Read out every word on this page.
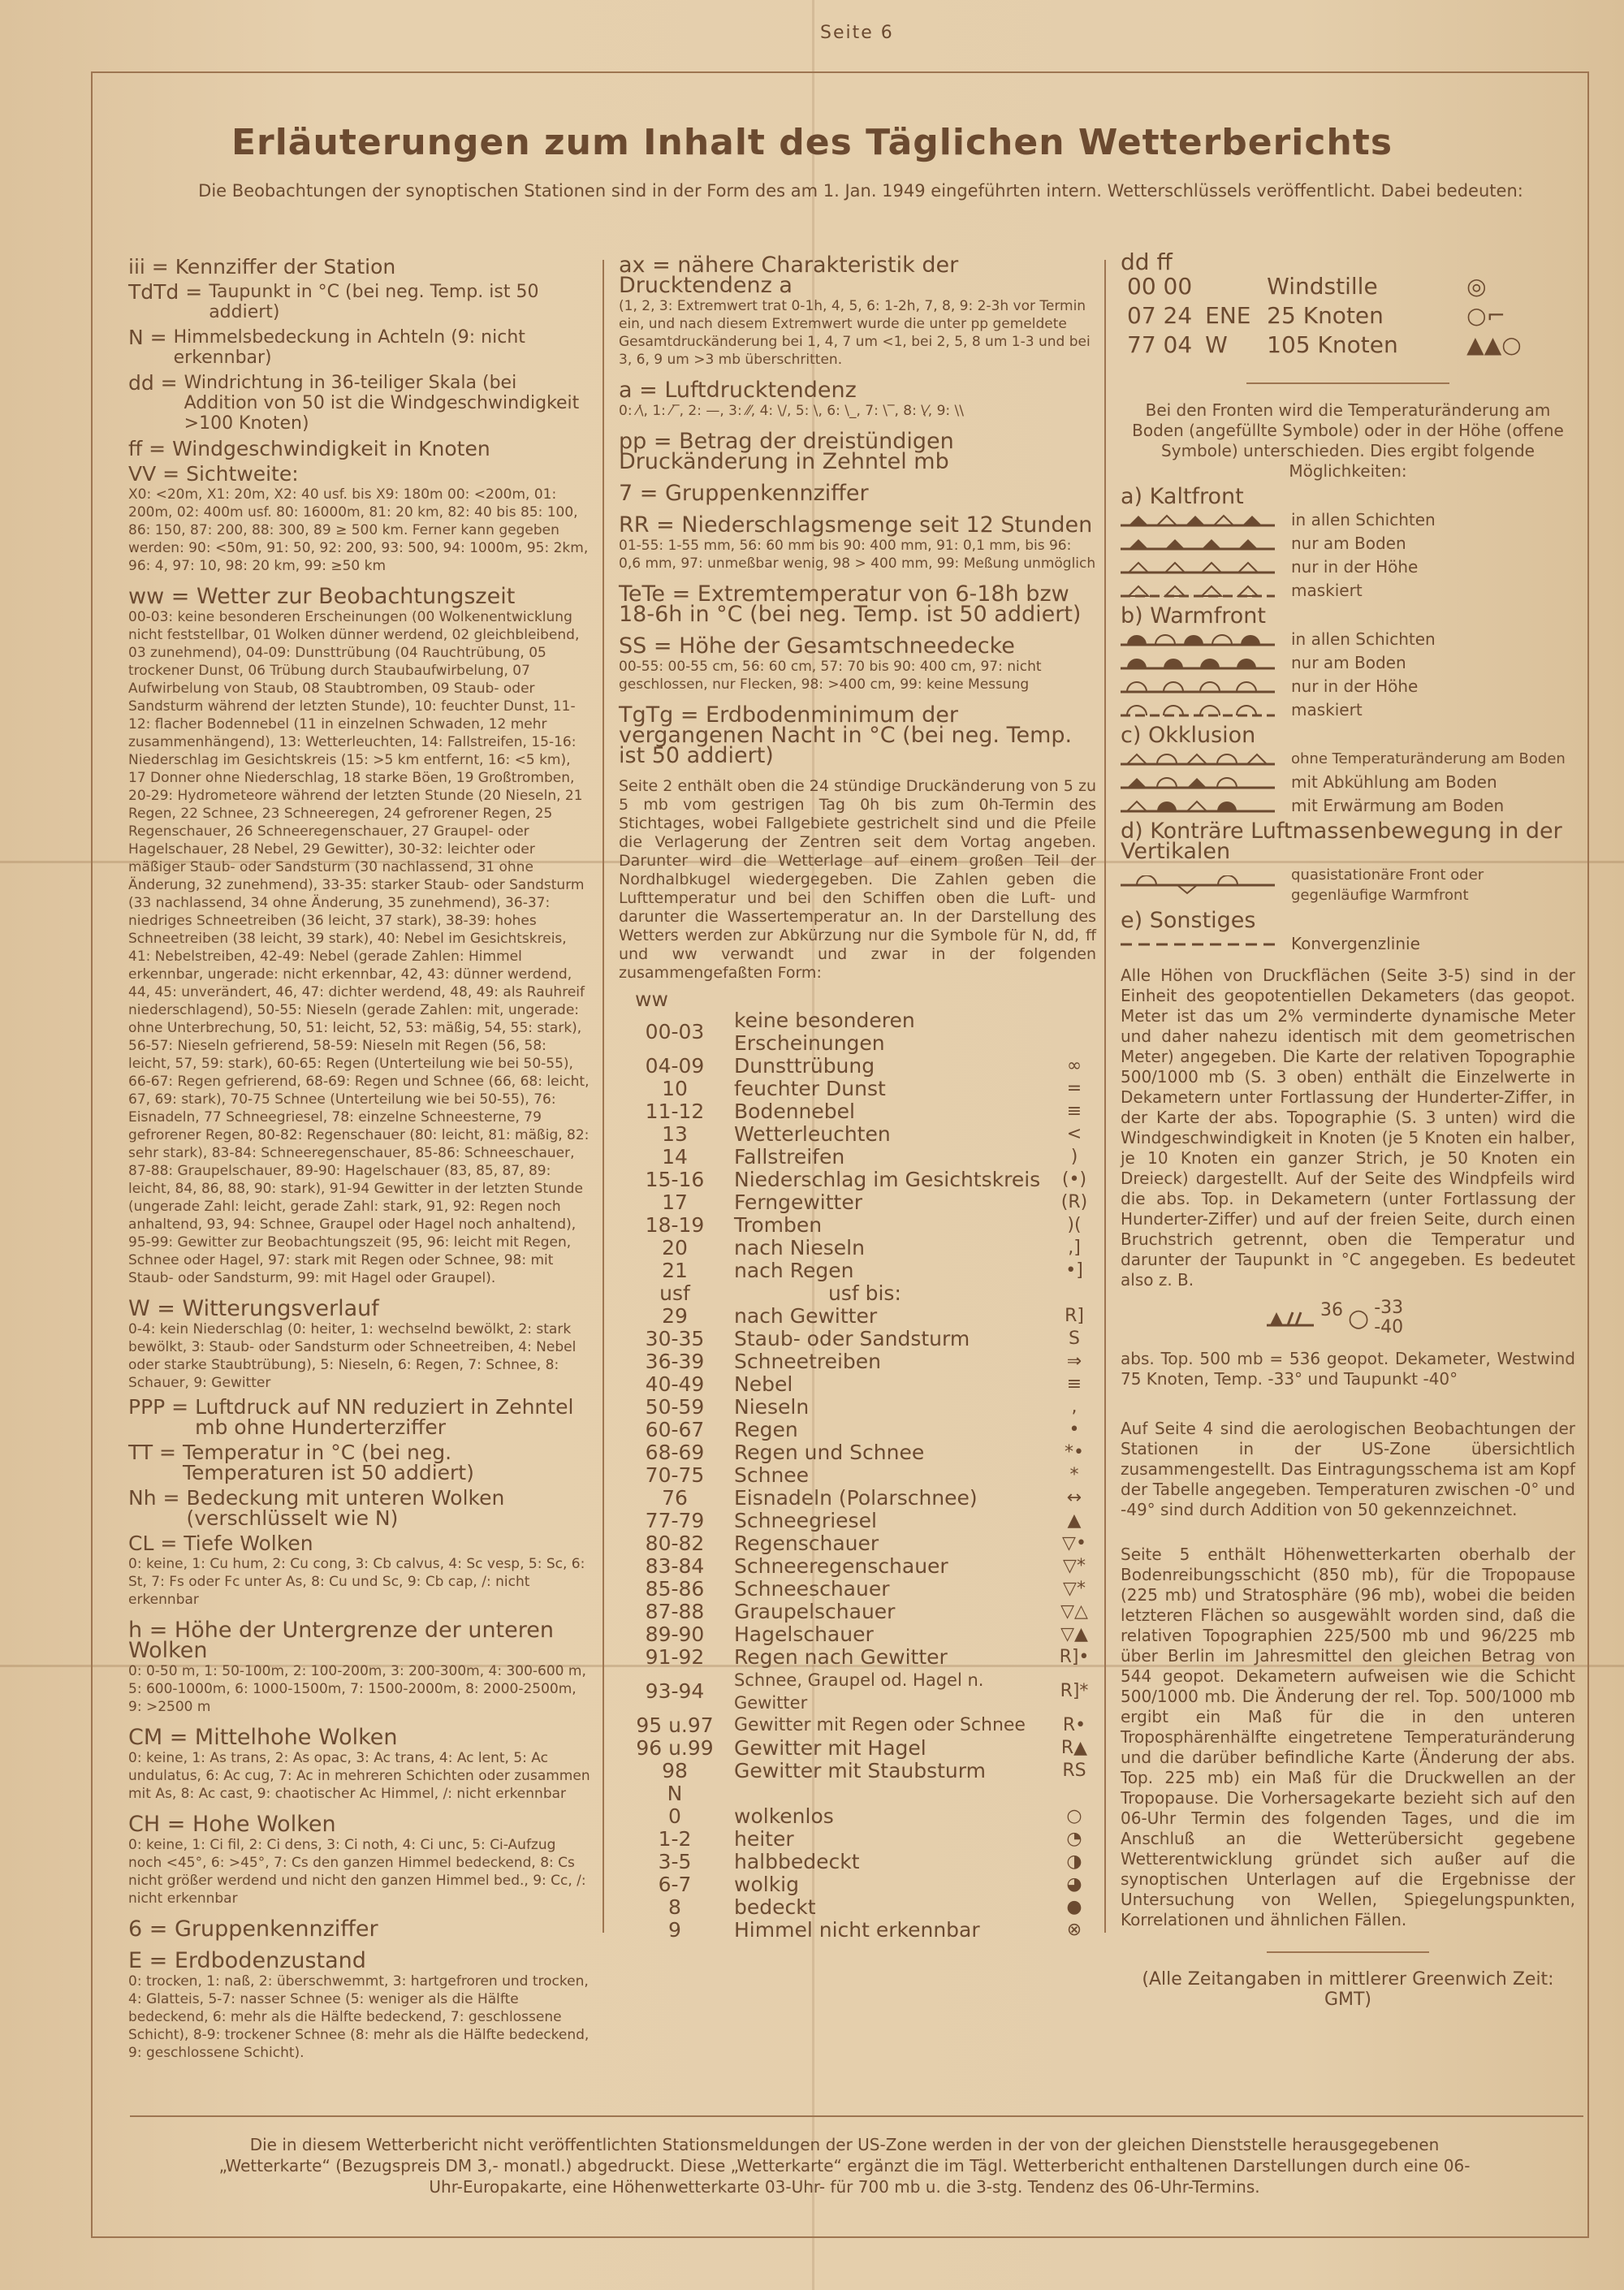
Seite 6
Erläuterungen zum Inhalt des Täglichen Wetterberichts
Die Beobachtungen der synoptischen Stationen sind in der Form des am 1. Jan. 1949 eingeführten intern. Wetterschlüssels veröffentlicht. Dabei bedeuten:
iii = Kennziffer der Station
TdTd = Taupunkt in °C (bei neg. Temp. ist 50 addiert)
N = Himmelsbedeckung in Achteln (9: nicht erkennbar)
dd = Windrichtung in 36-teiliger Skala (bei Addition von 50 ist die Windgeschwindigkeit >100 Knoten)
ff = Windgeschwindigkeit in Knoten
VV = Sichtweite:
X0: <20m, X1: 20m, X2: 40 usf. bis X9: 180m 00: <200m, 01: 200m, 02: 400m usf. 80: 16000m, 81: 20 km, 82: 40 bis 85: 100, 86: 150, 87: 200, 88: 300, 89 ≥ 500 km. Ferner kann gegeben werden: 90: <50m, 91: 50, 92: 200, 93: 500, 94: 1000m, 95: 2km, 96: 4, 97: 10, 98: 20 km, 99: ≥50 km
ww = Wetter zur Beobachtungszeit
00-03: keine besonderen Erscheinungen (00 Wolkenentwicklung nicht feststellbar, 01 Wolken dünner werdend, 02 gleichbleibend, 03 zunehmend), 04-09: Dunsttrübung (04 Rauchtrübung, 05 trockener Dunst, 06 Trübung durch Staubaufwirbelung, 07 Aufwirbelung von Staub, 08 Staubtromben, 09 Staub- oder Sandsturm während der letzten Stunde), 10: feuchter Dunst, 11-12: flacher Bodennebel (11 in einzelnen Schwaden, 12 mehr zusammenhängend), 13: Wetterleuchten, 14: Fallstreifen, 15-16: Niederschlag im Gesichtskreis (15: >5 km entfernt, 16: <5 km), 17 Donner ohne Niederschlag, 18 starke Böen, 19 Großtromben, 20-29: Hydrometeore während der letzten Stunde (20 Nieseln, 21 Regen, 22 Schnee, 23 Schneeregen, 24 gefrorener Regen, 25 Regenschauer, 26 Schneeregenschauer, 27 Graupel- oder Hagelschauer, 28 Nebel, 29 Gewitter), 30-32: leichter oder mäßiger Staub- oder Sandsturm (30 nachlassend, 31 ohne Änderung, 32 zunehmend), 33-35: starker Staub- oder Sandsturm (33 nachlassend, 34 ohne Änderung, 35 zunehmend), 36-37: niedriges Schneetreiben (36 leicht, 37 stark), 38-39: hohes Schneetreiben (38 leicht, 39 stark), 40: Nebel im Gesichtskreis, 41: Nebelstreiben, 42-49: Nebel (gerade Zahlen: Himmel erkennbar, ungerade: nicht erkennbar, 42, 43: dünner werdend, 44, 45: unverändert, 46, 47: dichter werdend, 48, 49: als Rauhreif niederschlagend), 50-55: Nieseln (gerade Zahlen: mit, ungerade: ohne Unterbrechung, 50, 51: leicht, 52, 53: mäßig, 54, 55: stark), 56-57: Nieseln gefrierend, 58-59: Nieseln mit Regen (56, 58: leicht, 57, 59: stark), 60-65: Regen (Unterteilung wie bei 50-55), 66-67: Regen gefrierend, 68-69: Regen und Schnee (66, 68: leicht, 67, 69: stark), 70-75 Schnee (Unterteilung wie bei 50-55), 76: Eisnadeln, 77 Schneegriesel, 78: einzelne Schneesterne, 79 gefrorener Regen, 80-82: Regenschauer (80: leicht, 81: mäßig, 82: sehr stark), 83-84: Schneeregenschauer, 85-86: Schneeschauer, 87-88: Graupelschauer, 89-90: Hagelschauer (83, 85, 87, 89: leicht, 84, 86, 88, 90: stark), 91-94 Gewitter in der letzten Stunde (ungerade Zahl: leicht, gerade Zahl: stark, 91, 92: Regen noch anhaltend, 93, 94: Schnee, Graupel oder Hagel noch anhaltend), 95-99: Gewitter zur Beobachtungszeit (95, 96: leicht mit Regen, Schnee oder Hagel, 97: stark mit Regen oder Schnee, 98: mit Staub- oder Sandsturm, 99: mit Hagel oder Graupel).
W = Witterungsverlauf
0-4: kein Niederschlag (0: heiter, 1: wechselnd bewölkt, 2: stark bewölkt, 3: Staub- oder Sandsturm oder Schneetreiben, 4: Nebel oder starke Staubtrübung), 5: Nieseln, 6: Regen, 7: Schnee, 8: Schauer, 9: Gewitter
PPP = Luftdruck auf NN reduziert in Zehntel mb ohne Hunderterziffer
TT = Temperatur in °C (bei neg. Temperaturen ist 50 addiert)
Nh = Bedeckung mit unteren Wolken (verschlüsselt wie N)
CL = Tiefe Wolken
0: keine, 1: Cu hum, 2: Cu cong, 3: Cb calvus, 4: Sc vesp, 5: Sc, 6: St, 7: Fs oder Fc unter As, 8: Cu und Sc, 9: Cb cap, /: nicht erkennbar
h = Höhe der Untergrenze der unteren Wolken
0: 0-50 m, 1: 50-100m, 2: 100-200m, 3: 200-300m, 4: 300-600 m, 5: 600-1000m, 6: 1000-1500m, 7: 1500-2000m, 8: 2000-2500m, 9: >2500 m
CM = Mittelhohe Wolken
0: keine, 1: As trans, 2: As opac, 3: Ac trans, 4: Ac lent, 5: Ac undulatus, 6: Ac cug, 7: Ac in mehreren Schichten oder zusammen mit As, 8: Ac cast, 9: chaotischer Ac Himmel, /: nicht erkennbar
CH = Hohe Wolken
0: keine, 1: Ci fil, 2: Ci dens, 3: Ci noth, 4: Ci unc, 5: Ci-Aufzug noch <45°, 6: >45°, 7: Cs den ganzen Himmel bedeckend, 8: Cs nicht größer werdend und nicht den ganzen Himmel bed., 9: Cc, /: nicht erkennbar
6 = Gruppenkennziffer
E = Erdbodenzustand
0: trocken, 1: naß, 2: überschwemmt, 3: hartgefroren und trocken, 4: Glatteis, 5-7: nasser Schnee (5: weniger als die Hälfte bedeckend, 6: mehr als die Hälfte bedeckend, 7: geschlossene Schicht), 8-9: trockener Schnee (8: mehr als die Hälfte bedeckend, 9: geschlossene Schicht).
ax = nähere Charakteristik der Drucktendenz a
(1, 2, 3: Extremwert trat 0-1h, 4, 5, 6: 1-2h, 7, 8, 9: 2-3h vor Termin ein, und nach diesem Extremwert wurde die unter pp gemeldete Gesamtdruckänderung bei 1, 4, 7 um <1, bei 2, 5, 8 um 1-3 und bei 3, 6, 9 um >3 mb überschritten.
a = Luftdrucktendenz
0: ⁄\, 1: ⁄‾, 2: —, 3: ⁄⁄, 4: \/, 5: \, 6: \_, 7: \‾, 8: \⁄, 9: \\
pp = Betrag der dreistündigen Druckänderung in Zehntel mb
7 = Gruppenkennziffer
RR = Niederschlagsmenge seit 12 Stunden
01-55: 1-55 mm, 56: 60 mm bis 90: 400 mm, 91: 0,1 mm, bis 96: 0,6 mm, 97: unmeßbar wenig, 98 > 400 mm, 99: Meßung unmöglich
TeTe = Extremtemperatur von 6-18h bzw 18-6h in °C (bei neg. Temp. ist 50 addiert)
SS = Höhe der Gesamtschneedecke
00-55: 00-55 cm, 56: 60 cm, 57: 70 bis 90: 400 cm, 97: nicht geschlossen, nur Flecken, 98: >400 cm, 99: keine Messung
TgTg = Erdbodenminimum der vergangenen Nacht in °C (bei neg. Temp. ist 50 addiert)
Seite 2 enthält oben die 24 stündige Druckänderung von 5 zu 5 mb vom gestrigen Tag 0h bis zum 0h-Termin des Stichtages, wobei Fallgebiete gestrichelt sind und die Pfeile die Verlagerung der Zentren seit dem Vortag angeben. Darunter wird die Wetterlage auf einem großen Teil der Nordhalbkugel wiedergegeben. Die Zahlen geben die Lufttemperatur und bei den Schiffen oben die Luft- und darunter die Wassertemperatur an. In der Darstellung des Wetters werden zur Abkürzung nur die Symbole für N, dd, ff und ww verwandt und zwar in der folgenden zusammengefaßten Form:
ww
00-03	keine besonderen Erscheinungen	
04-09	Dunsttrübung	∞
10	feuchter Dunst	=
11-12	Bodennebel	≡
13	Wetterleuchten	<
14	Fallstreifen	)
15-16	Niederschlag im Gesichtskreis	(•)
17	Ferngewitter	(R)
18-19	Tromben	)(
20	nach Nieseln	,]
21	nach Regen	•]
usf	usf bis:	
29	nach Gewitter	R]
30-35	Staub- oder Sandsturm	S
36-39	Schneetreiben	⇒
40-49	Nebel	≡
50-59	Nieseln	,
60-67	Regen	•
68-69	Regen und Schnee	*•
70-75	Schnee	*
76	Eisnadeln (Polarschnee)	↔
77-79	Schneegriesel	▲
80-82	Regenschauer	▽•
83-84	Schneeregenschauer	▽*
85-86	Schneeschauer	▽*
87-88	Graupelschauer	▽△
89-90	Hagelschauer	▽▲
91-92	Regen nach Gewitter	R]•
93-94	Schnee, Graupel od. Hagel n. Gewitter	R]*
95 u.97	Gewitter mit Regen oder Schnee	R•
96 u.99	Gewitter mit Hagel	R▲
98	Gewitter mit Staubsturm	RS
N		
0	wolkenlos	○
1-2	heiter	◔
3-5	halbbedeckt	◑
6-7	wolkig	◕
8	bedeckt	●
9	Himmel nicht erkennbar	⊗
dd ff
00 00		Windstille	◎
07 24	ENE	25 Knoten	○⌐
77 04	W	105 Knoten	▲▲○
Bei den Fronten wird die Temperaturänderung am Boden (angefüllte Symbole) oder in der Höhe (offene Symbole) unterschieden. Dies ergibt folgende Möglichkeiten:
a) Kaltfront
in allen Schichten
nur am Boden
nur in der Höhe
maskiert
b) Warmfront
in allen Schichten
nur am Boden
nur in der Höhe
maskiert
c) Okklusion
ohne Temperaturänderung am Boden
mit Abkühlung am Boden
mit Erwärmung am Boden
d) Konträre Luftmassenbewegung in der Vertikalen
quasistationäre Front oder gegenläufige Warmfront
e) Sonstiges
Konvergenzlinie
Alle Höhen von Druckflächen (Seite 3-5) sind in der Einheit des geopotentiellen Dekameters (das geopot. Meter ist das um 2% verminderte dynamische Meter und daher nahezu identisch mit dem geometrischen Meter) angegeben. Die Karte der relativen Topographie 500/1000 mb (S. 3 oben) enthält die Einzelwerte in Dekametern unter Fortlassung der Hunderter-Ziffer, in der Karte der abs. Topographie (S. 3 unten) wird die Windgeschwindigkeit in Knoten (je 5 Knoten ein halber, je 10 Knoten ein ganzer Strich, je 50 Knoten ein Dreieck) dargestellt. Auf der Seite des Windpfeils wird die abs. Top. in Dekametern (unter Fortlassung der Hunderter-Ziffer) und auf der freien Seite, durch einen Bruchstrich getrennt, oben die Temperatur und darunter der Taupunkt in °C angegeben. Es bedeutet also z. B.
36 ○ -33
-40
abs. Top. 500 mb = 536 geopot. Dekameter, Westwind 75 Knoten, Temp. -33° und Taupunkt -40°
Auf Seite 4 sind die aerologischen Beobachtungen der Stationen in der US-Zone übersichtlich zusammengestellt. Das Eintragungsschema ist am Kopf der Tabelle angegeben. Temperaturen zwischen -0° und -49° sind durch Addition von 50 gekennzeichnet.
Seite 5 enthält Höhenwetterkarten oberhalb der Bodenreibungsschicht (850 mb), für die Tropopause (225 mb) und Stratosphäre (96 mb), wobei die beiden letzteren Flächen so ausgewählt worden sind, daß die relativen Topographien 225/500 mb und 96/225 mb über Berlin im Jahresmittel den gleichen Betrag von 544 geopot. Dekametern aufweisen wie die Schicht 500/1000 mb. Die Änderung der rel. Top. 500/1000 mb ergibt ein Maß für die in den unteren Troposphärenhälfte eingetretene Temperaturänderung und die darüber befindliche Karte (Änderung der abs. Top. 225 mb) ein Maß für die Druckwellen an der Tropopause. Die Vorhersagekarte bezieht sich auf den 06-Uhr Termin des folgenden Tages, und die im Anschluß an die Wetterübersicht gegebene Wetterentwicklung gründet sich außer auf die synoptischen Unterlagen auf die Ergebnisse der Untersuchung von Wellen, Spiegelungspunkten, Korrelationen und ähnlichen Fällen.
(Alle Zeitangaben in mittlerer Greenwich Zeit: GMT)
Die in diesem Wetterbericht nicht veröffentlichten Stationsmeldungen der US-Zone werden in der von der gleichen Dienststelle herausgegebenen „Wetterkarte“ (Bezugspreis DM 3,- monatl.) abgedruckt. Diese „Wetterkarte“ ergänzt die im Tägl. Wetterbericht enthaltenen Darstellungen durch eine 06-Uhr-Europakarte, eine Höhenwetterkarte 03-Uhr- für 700 mb u. die 3-stg. Tendenz des 06-Uhr-Termins.
